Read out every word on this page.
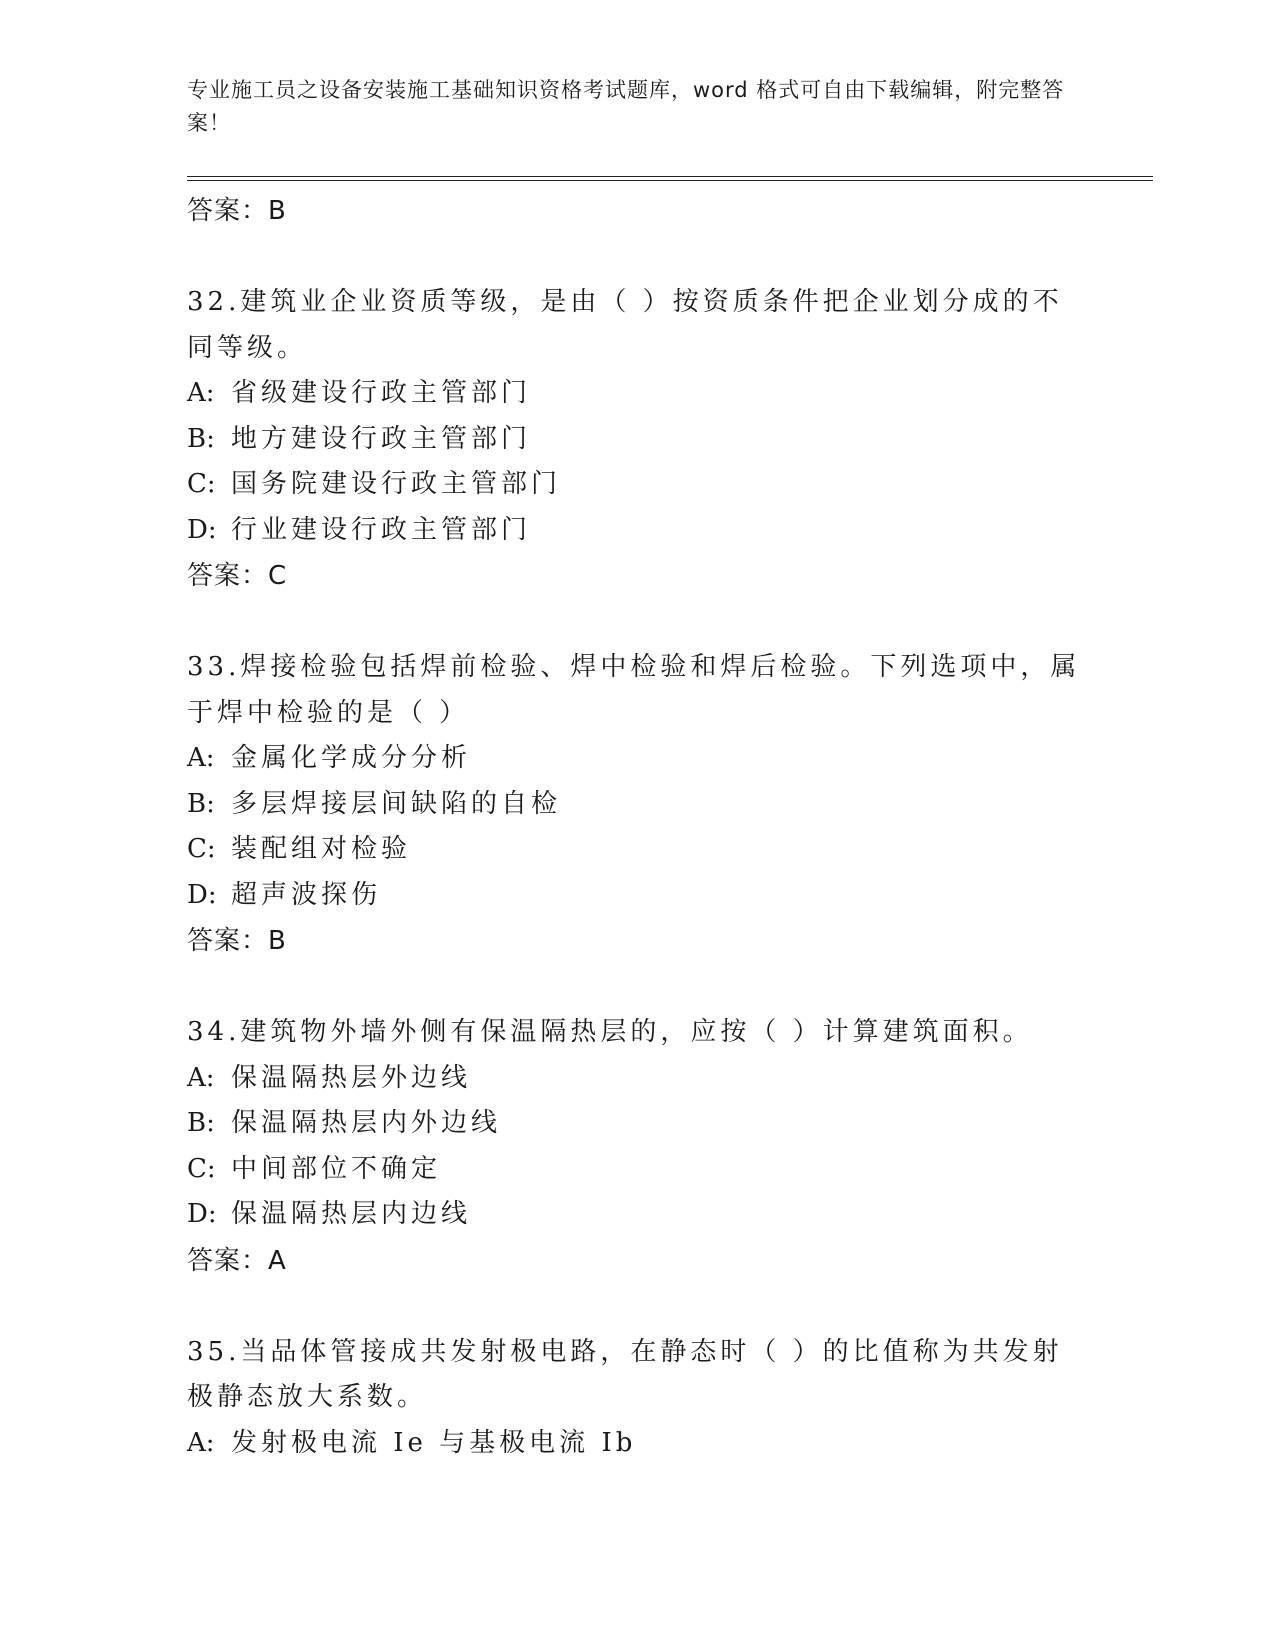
专业施工员之设备安装施工基础知识资格考试题库，word 格式可自由下载编辑，附完整答案！
答案：B
32.建筑业企业资质等级，是由（ ）按资质条件把企业划分成的不同等级。
A: 省级建设行政主管部门
B: 地方建设行政主管部门
C: 国务院建设行政主管部门
D: 行业建设行政主管部门
答案：C
33.焊接检验包括焊前检验、焊中检验和焊后检验。下列选项中，属于焊中检验的是（ ）
A: 金属化学成分分析
B: 多层焊接层间缺陷的自检
C: 装配组对检验
D: 超声波探伤
答案：B
34.建筑物外墙外侧有保温隔热层的，应按（ ）计算建筑面积。
A: 保温隔热层外边线
B: 保温隔热层内外边线
C: 中间部位不确定
D: 保温隔热层内边线
答案：A
35.当品体管接成共发射极电路，在静态时（ ）的比值称为共发射极静态放大系数。
A: 发射极电流 Ie 与基极电流 Ib
